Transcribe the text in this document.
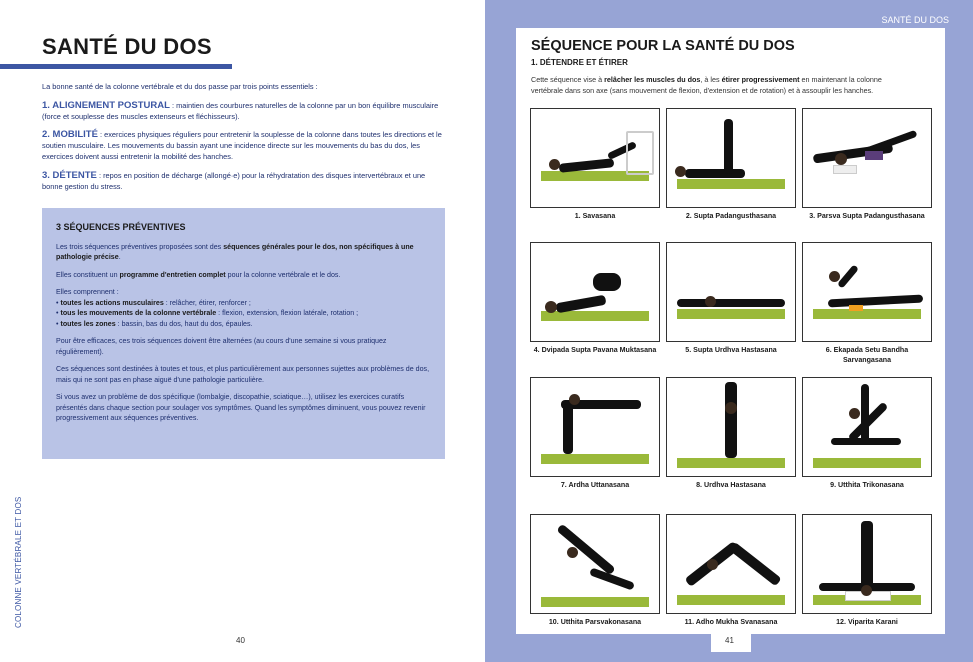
SANTÉ DU DOS

La bonne santé de la colonne vertébrale et du dos passe par trois points essentiels :

1. ALIGNEMENT POSTURAL : maintien des courbures naturelles de la colonne par un bon équilibre musculaire (force et souplesse des muscles extenseurs et fléchisseurs).

2. MOBILITÉ : exercices physiques réguliers pour entretenir la souplesse de la colonne dans toutes les directions et le soutien musculaire. Les mouvements du bassin ayant une incidence directe sur les mouvements du bas du dos, les exercices doivent aussi entretenir la mobilité des hanches.

3. DÉTENTE : repos en position de décharge (allongé·e) pour la réhydratation des disques intervertébraux et une bonne gestion du stress.

3 SÉQUENCES PRÉVENTIVES

Les trois séquences préventives proposées sont des séquences générales pour le dos, non spécifiques à une pathologie précise.

Elles constituent un programme d'entretien complet pour la colonne vertébrale et le dos.

Elles comprennent :
• toutes les actions musculaires : relâcher, étirer, renforcer ;
• tous les mouvements de la colonne vertébrale : flexion, extension, flexion latérale, rotation ;
• toutes les zones : bassin, bas du dos, haut du dos, épaules.

Pour être efficaces, ces trois séquences doivent être alternées (au cours d'une semaine si vous pratiquez régulièrement).

Ces séquences sont destinées à toutes et tous, et plus particulièrement aux personnes sujettes aux problèmes de dos, mais qui ne sont pas en phase aiguë d'une pathologie particulière.

Si vous avez un problème de dos spécifique (lombalgie, discopathie, sciatique…), utilisez les exercices curatifs présentés dans chaque section pour soulager vos symptômes. Quand les symptômes diminuent, vous pouvez revenir progressivement aux séquences préventives.

COLONNE VERTÉBRALE ET DOS
40
SANTÉ DU DOS
SÉQUENCE POUR LA SANTÉ DU DOS
1. DÉTENDRE ET ÉTIRER
Cette séquence vise à relâcher les muscles du dos, à les étirer progressivement en maintenant la colonne vertébrale dans son axe (sans mouvement de flexion, d'extension et de rotation) et à assouplir les hanches.
1. Savasana	2. Supta Padangusthasana	3. Parsva Supta Padangusthasana
4. Dvipada Supta Pavana Muktasana	5. Supta Urdhva Hastasana	6. Ekapada Setu Bandha Sarvangasana
7. Ardha Uttanasana	8. Urdhva Hastasana	9. Utthita Trikonasana
10. Utthita Parsvakonasana	11. Adho Mukha Svanasana	12. Viparita Karani
41
